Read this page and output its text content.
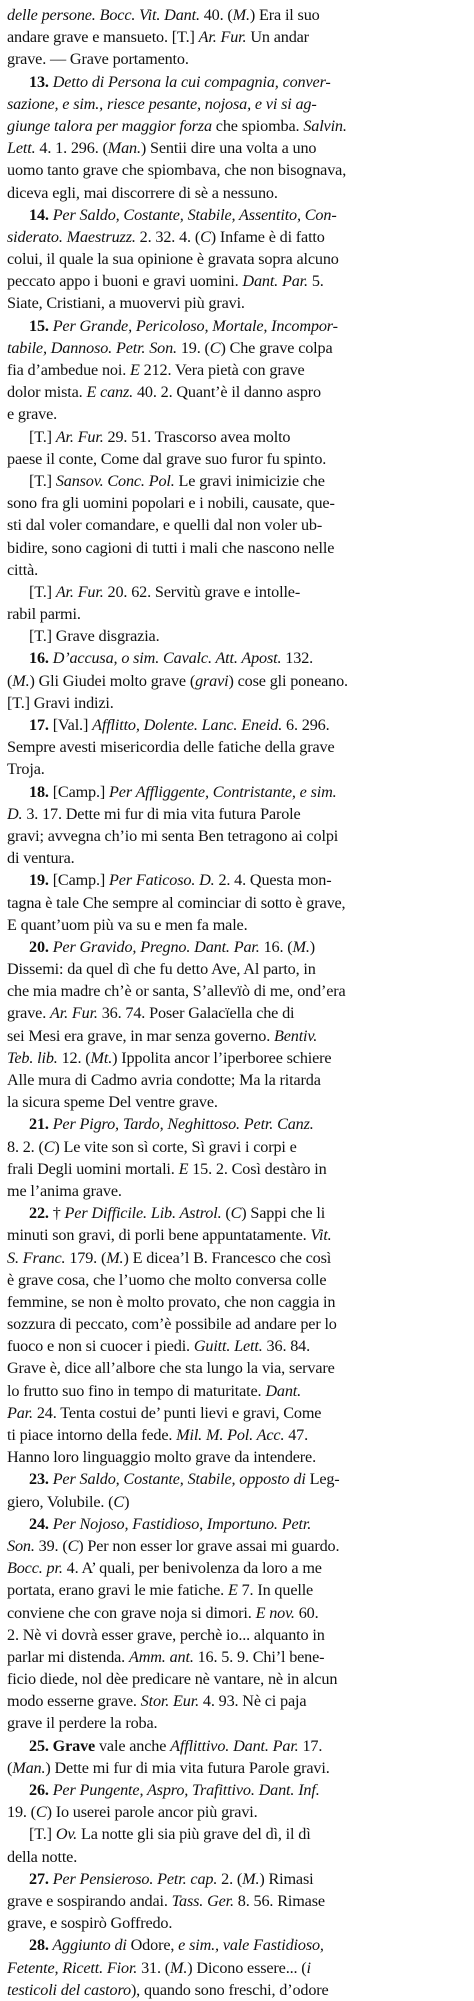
delle persone. Bocc. Vit. Dant. 40. (M.) Era il suo
andare grave e mansueto. [T.] Ar. Fur. Un andar
grave. — Grave portamento.
13. Detto di Persona la cui compagnia, conver-
sazione, e sim., riesce pesante, nojosa, e vi si ag-
giunge talora per maggior forza che spiomba. Salvin.
Lett. 4. 1. 296. (Man.) Sentii dire una volta a uno
uomo tanto grave che spiombava, che non bisognava,
diceva egli, mai discorrere di sè a nessuno.
14. Per Saldo, Costante, Stabile, Assentito, Con-
siderato. Maestruzz. 2. 32. 4. (C) Infame è di fatto
colui, il quale la sua opinione è gravata sopra alcuno
peccato appo i buoni e gravi uomini. Dant. Par. 5.
Siate, Cristiani, a muovervi più gravi.
15. Per Grande, Pericoloso, Mortale, Incompor-
tabile, Dannoso. Petr. Son. 19. (C) Che grave colpa
fia d’ambedue noi. E 212. Vera pietà con grave
dolor mista. E canz. 40. 2. Quant’è il danno aspro
e grave.
[T.] Ar. Fur. 29. 51. Trascorso avea molto
paese il conte, Come dal grave suo furor fu spinto.
[T.] Sansov. Conc. Pol. Le gravi inimicizie che
sono fra gli uomini popolari e i nobili, causate, que-
sti dal voler comandare, e quelli dal non voler ub-
bidire, sono cagioni di tutti i mali che nascono nelle
città.
[T.] Ar. Fur. 20. 62. Servitù grave e intolle-
rabil parmi.
[T.] Grave disgrazia.
16. D’accusa, o sim. Cavalc. Att. Apost. 132.
(M.) Gli Giudei molto grave (gravi) cose gli poneano.
[T.] Gravi indizi.
17. [Val.] Afflitto, Dolente. Lanc. Eneid. 6. 296.
Sempre avesti misericordia delle fatiche della grave
Troja.
18. [Camp.] Per Affliggente, Contristante, e sim.
D. 3. 17. Dette mi fur di mia vita futura Parole
gravi; avvegna ch’io mi senta Ben tetragono ai colpi
di ventura.
19. [Camp.] Per Faticoso. D. 2. 4. Questa mon-
tagna è tale Che sempre al cominciar di sotto è grave,
E quant’uom più va su e men fa male.
20. Per Gravido, Pregno. Dant. Par. 16. (M.)
Dissemi: da quel dì che fu detto Ave, Al parto, in
che mia madre ch’è or santa, S’allevïò di me, ond’era
grave. Ar. Fur. 36. 74. Poser Galacïella che di
sei Mesi era grave, in mar senza governo. Bentiv.
Teb. lib. 12. (Mt.) Ippolita ancor l’iperboree schiere
Alle mura di Cadmo avria condotte; Ma la ritarda
la sicura speme Del ventre grave.
21. Per Pigro, Tardo, Neghittoso. Petr. Canz.
8. 2. (C) Le vite son sì corte, Sì gravi i corpi e
frali Degli uomini mortali. E 15. 2. Così destàro in
me l’anima grave.
22. † Per Difficile. Lib. Astrol. (C) Sappi che li
minuti son gravi, di porli bene appuntatamente. Vit.
S. Franc. 179. (M.) E dicea’l B. Francesco che così
è grave cosa, che l’uomo che molto conversa colle
femmine, se non è molto provato, che non caggia in
sozzura di peccato, com’è possibile ad andare per lo
fuoco e non si cuocer i piedi. Guitt. Lett. 36. 84.
Grave è, dice all’albore che sta lungo la via, servare
lo frutto suo fino in tempo di maturitate. Dant.
Par. 24. Tenta costui de’ punti lievi e gravi, Come
ti piace intorno della fede. Mil. M. Pol. Acc. 47.
Hanno loro linguaggio molto grave da intendere.
23. Per Saldo, Costante, Stabile, opposto di Leg-
giero, Volubile. (C)
24. Per Nojoso, Fastidioso, Importuno. Petr.
Son. 39. (C) Per non esser lor grave assai mi guardo.
Bocc. pr. 4. A’ quali, per benivolenza da loro a me
portata, erano gravi le mie fatiche. E 7. In quelle
conviene che con grave noja si dimori. E nov. 60.
2. Nè vi dovrà esser grave, perchè io... alquanto in
parlar mi distenda. Amm. ant. 16. 5. 9. Chi’l bene-
ficio diede, nol dèe predicare nè vantare, nè in alcun
modo esserne grave. Stor. Eur. 4. 93. Nè ci paja
grave il perdere la roba.
25. Grave vale anche Afflittivo. Dant. Par. 17.
(Man.) Dette mi fur di mia vita futura Parole gravi.
26. Per Pungente, Aspro, Trafittivo. Dant. Inf.
19. (C) Io userei parole ancor più gravi.
[T.] Ov. La notte gli sia più grave del dì, il dì
della notte.
27. Per Pensieroso. Petr. cap. 2. (M.) Rimasi
grave e sospirando andai. Tass. Ger. 8. 56. Rimase
grave, e sospirò Goffredo.
28. Aggiunto di Odore, e sim., vale Fastidioso,
Fetente, Ricett. Fior. 31. (M.) Dicono essere... (i
testicoli del castoro), quando sono freschi, d’odore
